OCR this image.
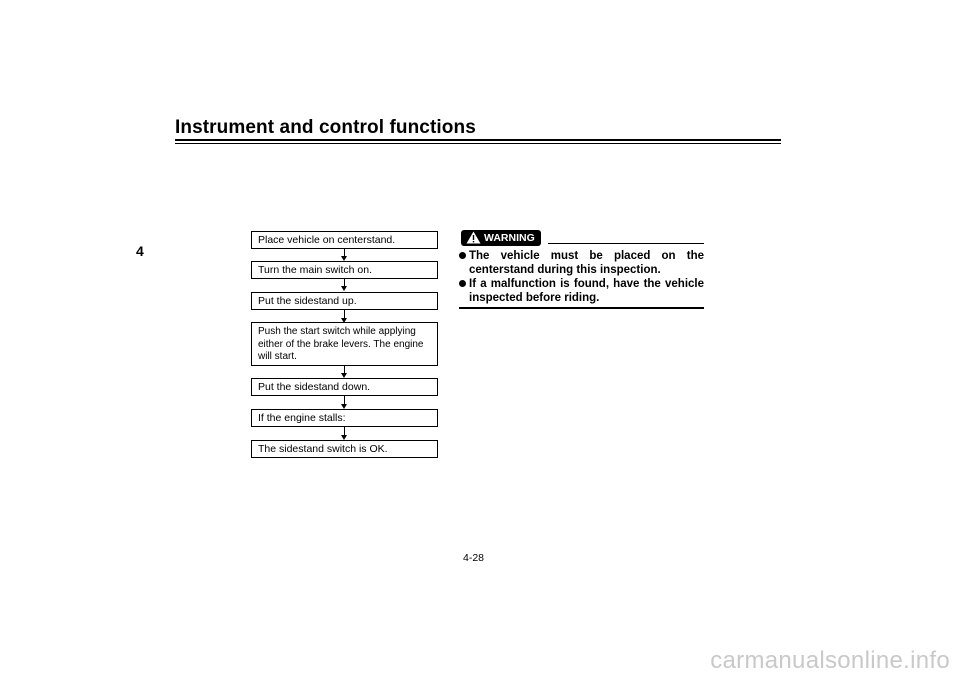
Instrument and control functions
4
Place vehicle on centerstand.
Turn the main switch on.
Put the sidestand up.
Push the start switch while applying either of the brake levers. The engine will start.
Put the sidestand down.
If the engine stalls:
The sidestand switch is OK.
WARNING
The vehicle must be placed on the centerstand during this inspection.
If a malfunction is found, have the vehicle inspected before riding.
4-28
carmanualsonline.info
